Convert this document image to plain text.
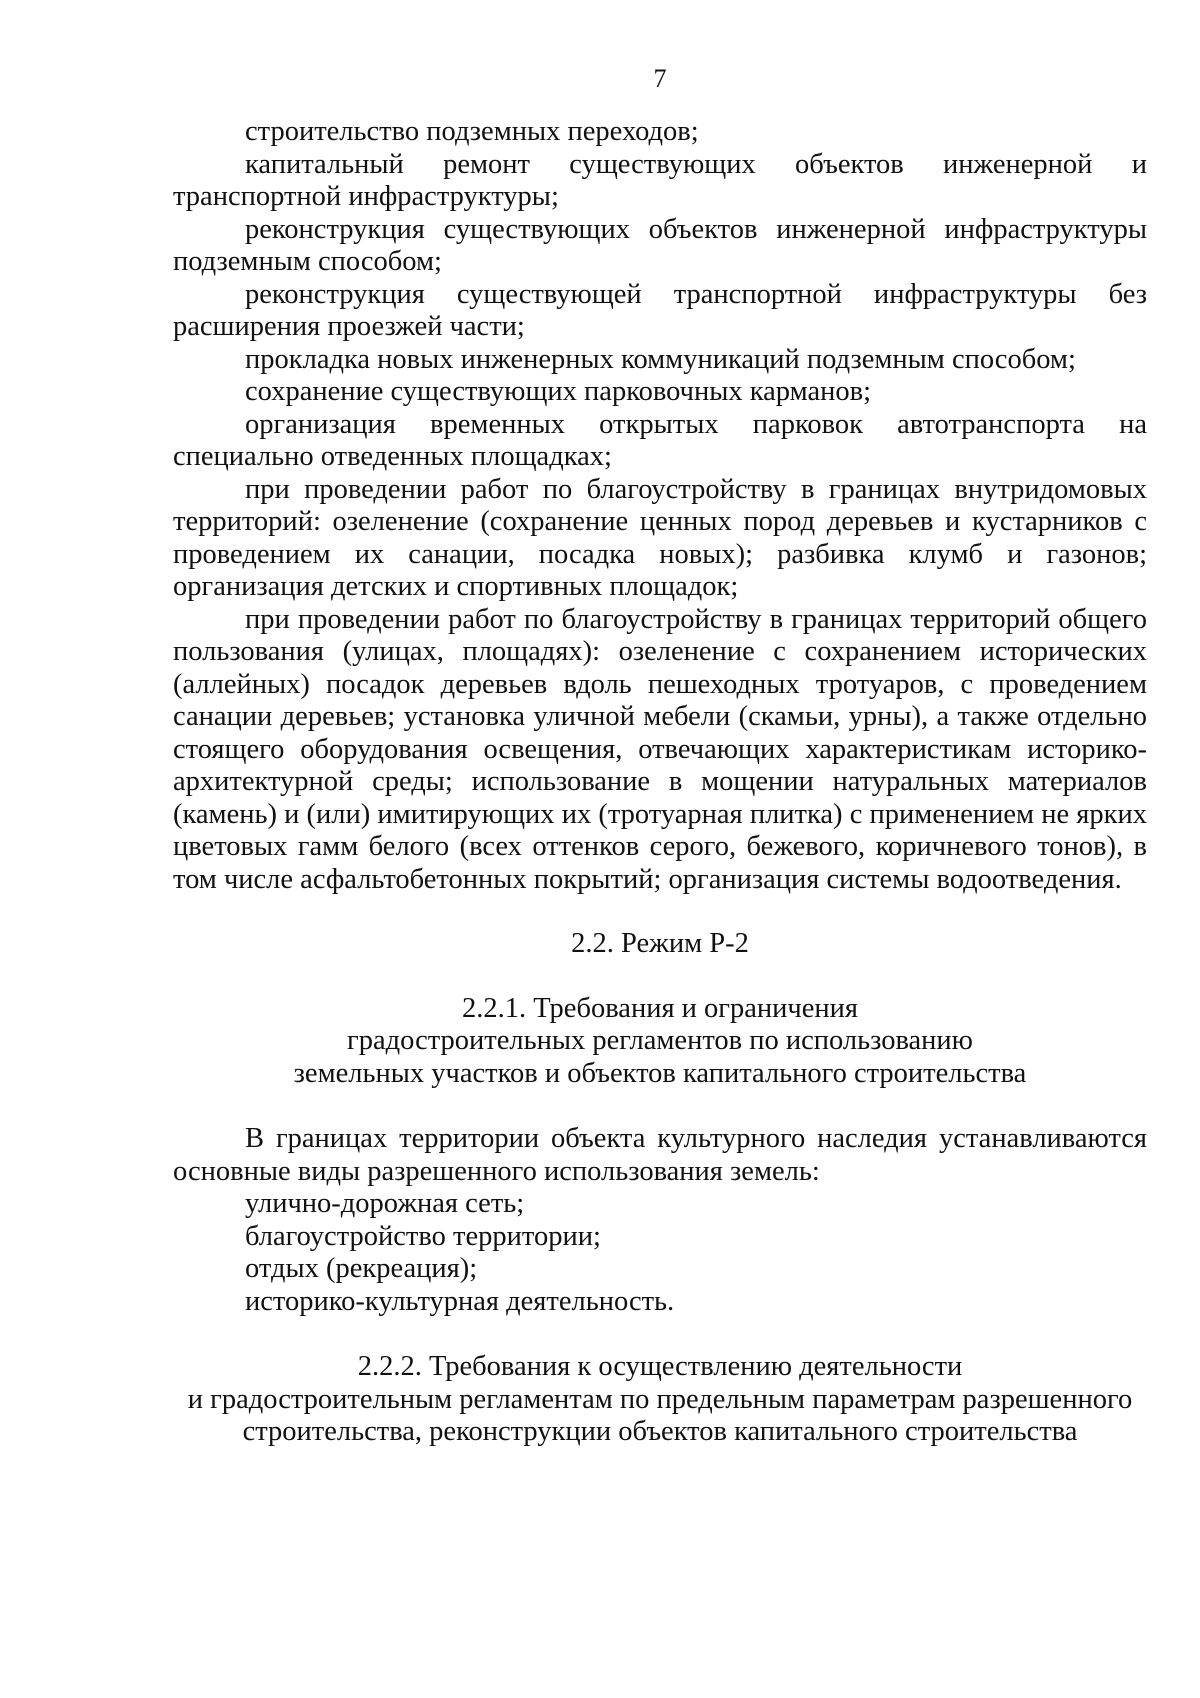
7

строительство подземных переходов;

капитальный ремонт существующих объектов инженерной и транспортной инфраструктуры;

реконструкция существующих объектов инженерной инфраструктуры подземным способом;

реконструкция существующей транспортной инфраструктуры без расширения проезжей части;

прокладка новых инженерных коммуникаций подземным способом;

сохранение существующих парковочных карманов;

организация временных открытых парковок автотранспорта на специально отведенных площадках;

при проведении работ по благоустройству в границах внутридомовых территорий: озеленение (сохранение ценных пород деревьев и кустарников с проведением их санации, посадка новых); разбивка клумб и газонов; организация детских и спортивных площадок;

при проведении работ по благоустройству в границах территорий общего пользования (улицах, площадях): озеленение с сохранением исторических (аллейных) посадок деревьев вдоль пешеходных тротуаров, с проведением санации деревьев; установка уличной мебели (скамьи, урны), а также отдельно стоящего оборудования освещения, отвечающих характеристикам историко-архитектурной среды; использование в мощении натуральных материалов (камень) и (или) имитирующих их (тротуарная плитка) с применением не ярких цветовых гамм белого (всех оттенков серого, бежевого, коричневого тонов), в том числе асфальтобетонных покрытий; организация системы водоотведения.

2.2. Режим Р-2
2.2.1. Требования и ограничения
градостроительных регламентов по использованию
земельных участков и объектов капитального строительства

В границах территории объекта культурного наследия устанавливаются основные виды разрешенного использования земель:

улично-дорожная сеть;

благоустройство территории;

отдых (рекреация);

историко-культурная деятельность.

2.2.2. Требования к осуществлению деятельности
и градостроительным регламентам по предельным параметрам разрешенного
строительства, реконструкции объектов капитального строительства
